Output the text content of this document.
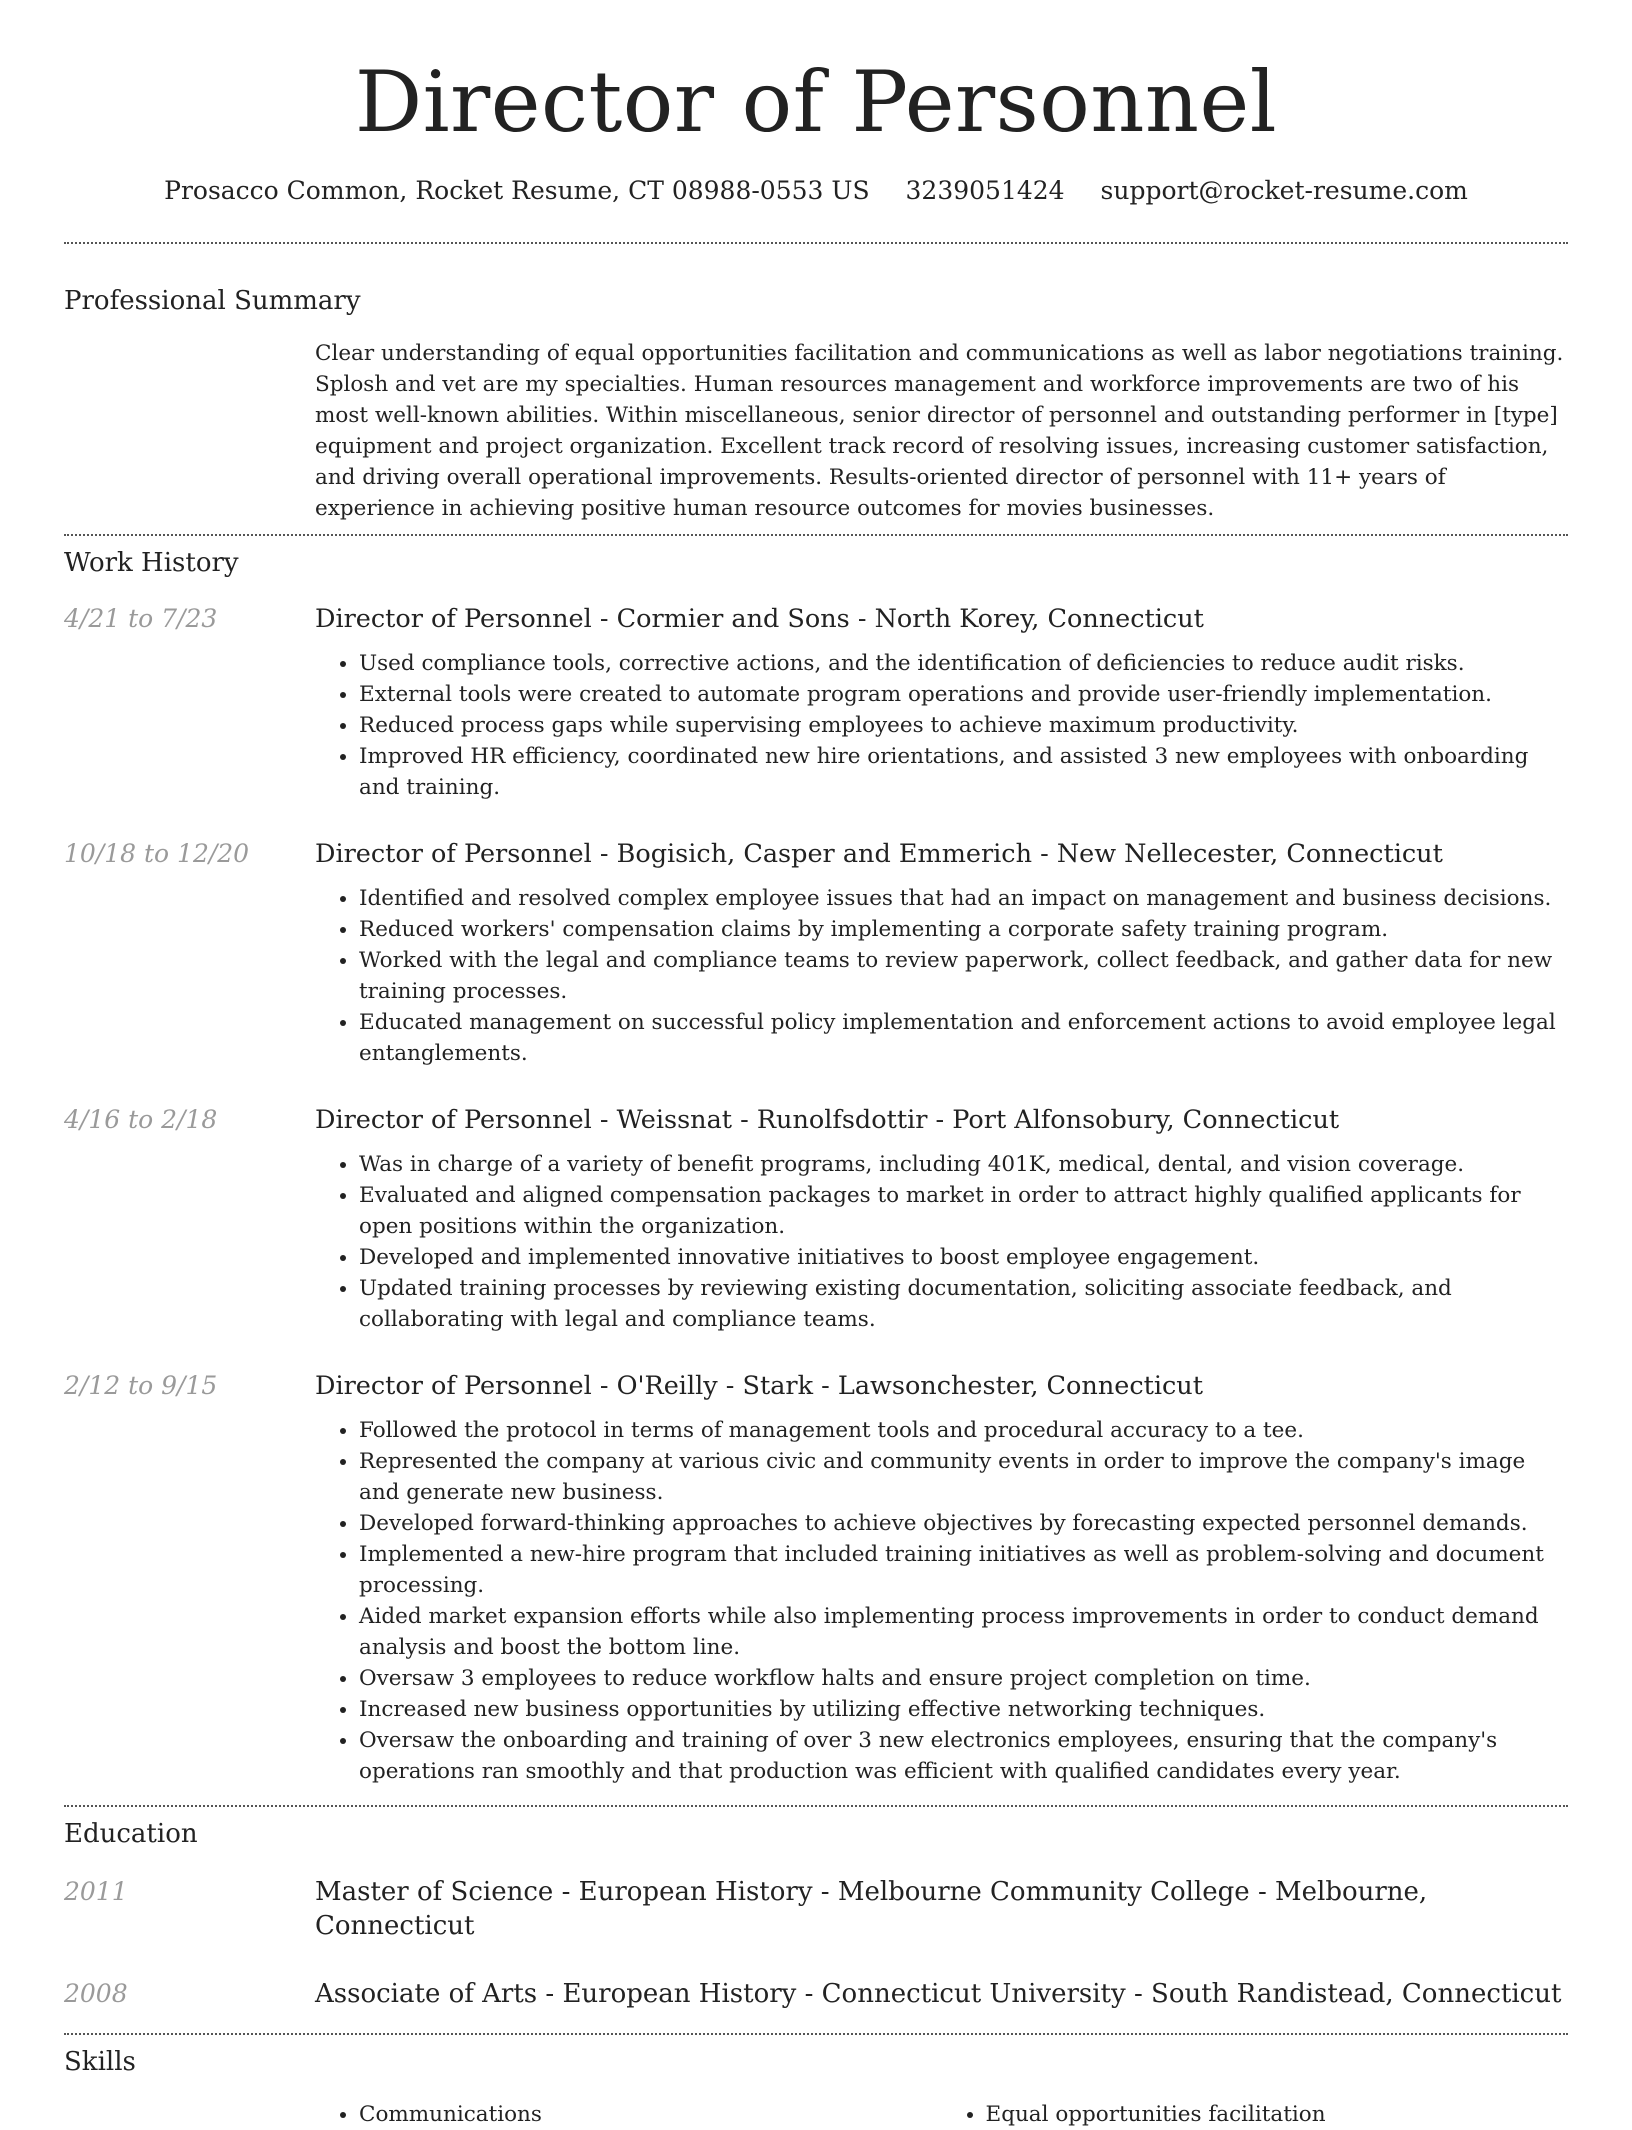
Director of Personnel
Prosacco Common, Rocket Resume, CT 08988-0553 US 3239051424 support@rocket-resume.com
Professional Summary
Clear understanding of equal opportunities facilitation and communications as well as labor negotiations training. Splosh and vet are my specialties. Human resources management and workforce improvements are two of his most well-known abilities. Within miscellaneous, senior director of personnel and outstanding performer in [type] equipment and project organization. Excellent track record of resolving issues, increasing customer satisfaction, and driving overall operational improvements. Results-oriented director of personnel with 11+ years of experience in achieving positive human resource outcomes for movies businesses.
Work History
4/21 to 7/23	Director of Personnel - Cormier and Sons - North Korey, Connecticut
• Used compliance tools, corrective actions, and the identification of deficiencies to reduce audit risks.
• External tools were created to automate program operations and provide user-friendly implementation.
• Reduced process gaps while supervising employees to achieve maximum productivity.
• Improved HR efficiency, coordinated new hire orientations, and assisted 3 new employees with onboarding and training.
10/18 to 12/20	Director of Personnel - Bogisich, Casper and Emmerich - New Nellecester, Connecticut
• Identified and resolved complex employee issues that had an impact on management and business decisions.
• Reduced workers' compensation claims by implementing a corporate safety training program.
• Worked with the legal and compliance teams to review paperwork, collect feedback, and gather data for new training processes.
• Educated management on successful policy implementation and enforcement actions to avoid employee legal entanglements.
4/16 to 2/18	Director of Personnel - Weissnat - Runolfsdottir - Port Alfonsobury, Connecticut
• Was in charge of a variety of benefit programs, including 401K, medical, dental, and vision coverage.
• Evaluated and aligned compensation packages to market in order to attract highly qualified applicants for open positions within the organization.
• Developed and implemented innovative initiatives to boost employee engagement.
• Updated training processes by reviewing existing documentation, soliciting associate feedback, and collaborating with legal and compliance teams.
2/12 to 9/15	Director of Personnel - O'Reilly - Stark - Lawsonchester, Connecticut
• Followed the protocol in terms of management tools and procedural accuracy to a tee.
• Represented the company at various civic and community events in order to improve the company's image and generate new business.
• Developed forward-thinking approaches to achieve objectives by forecasting expected personnel demands.
• Implemented a new-hire program that included training initiatives as well as problem-solving and document processing.
• Aided market expansion efforts while also implementing process improvements in order to conduct demand analysis and boost the bottom line.
• Oversaw 3 employees to reduce workflow halts and ensure project completion on time.
• Increased new business opportunities by utilizing effective networking techniques.
• Oversaw the onboarding and training of over 3 new electronics employees, ensuring that the company's operations ran smoothly and that production was efficient with qualified candidates every year.
Education
2011	Master of Science - European History - Melbourne Community College - Melbourne, Connecticut
2008	Associate of Arts - European History - Connecticut University - South Randistead, Connecticut
Skills
• Communications
•	Equal opportunities facilitation
